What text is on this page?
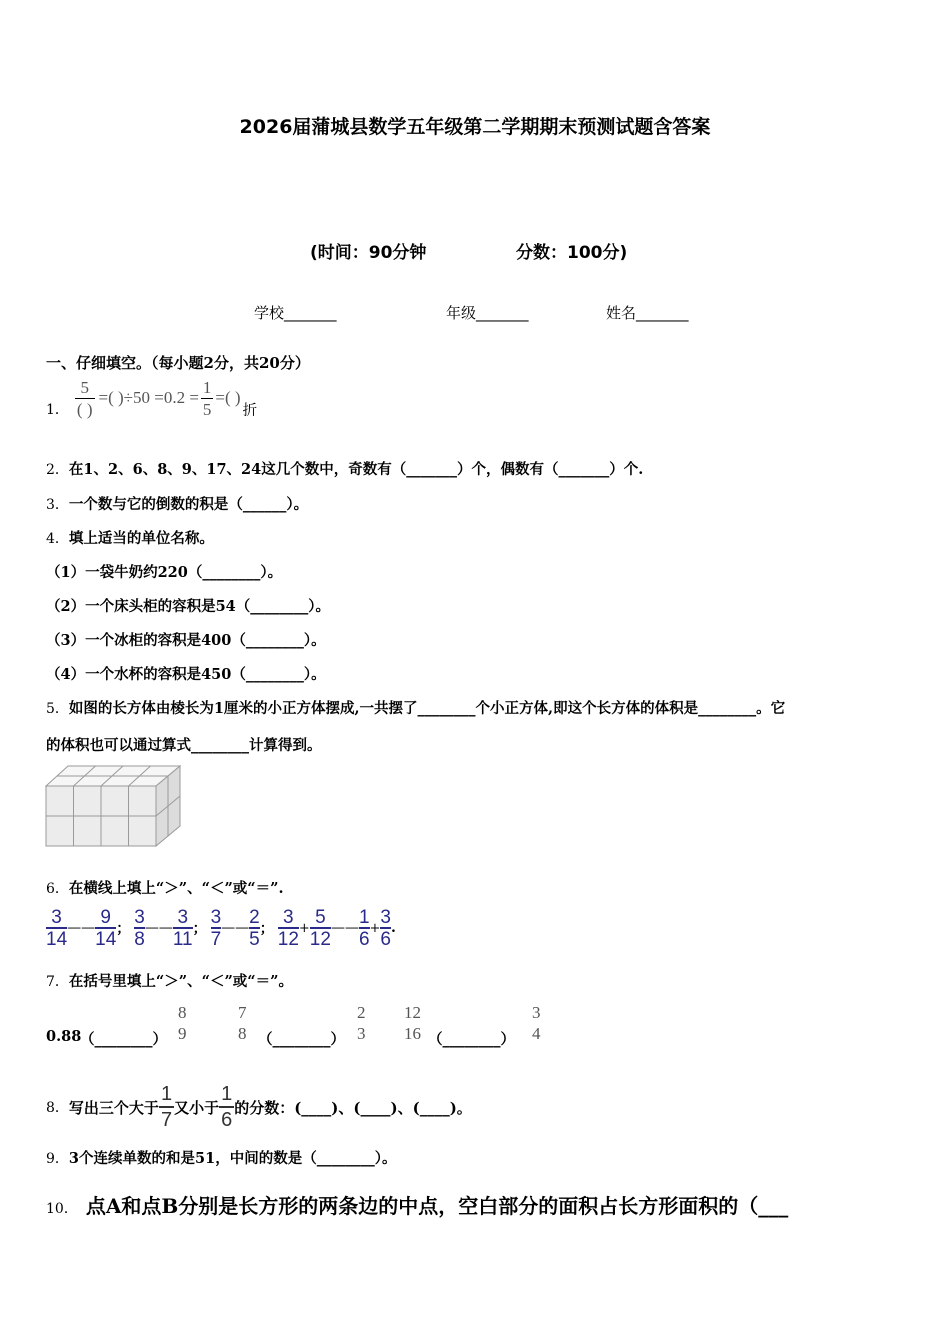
2026届蒲城县数学五年级第二学期期末预测试题含答案
(时间：90分钟	分数：100分)
学校_______	年级_______	姓名_______
一、仔细填空。（每小题2分，共20分）
1． $\frac{5}{( )}$ =( )$\div 50 =0.2 = \frac{1}{5}$ =( )
折
2．在1、2、6、8、9、17、24这几个数中，奇数有（_______）个，偶数有（_______）个.
3．一个数与它的倒数的积是（______）。
4．填上适当的单位名称。
（1）一袋牛奶约220（________）。
（2）一个床头柜的容积是54（________）。
（3）一个冰柜的容积是400（________）。
（4）一个水杯的容积是450（________）。
5．如图的长方体由棱长为1厘米的小正方体摆成,一共摆了________个小正方体,即这个长方体的体积是________。它
的体积也可以通过算式________计算得到。
6．在横线上填上“＞”、“＜”或“＝”.
3
14
——
9
14 ；
3
8
——
3
11 ；
3
7
——
2
5 ；
3
12
+ $\frac{5}{12}$ ——
1
6
+ $\frac{3}{6}$ .
7．在括号里填上“＞”、“＜”或“＝”。
0.88
（________）
8
9
7
8 （________）
2
3
12
16 （________）
3
4
8． 写出三个大于 $\frac{1}{7}$ 又小于 $\frac{1}{6}$ 的分数：(____)、(____)、(____)。
9．3个连续单数的和是51，中间的数是（________）。
10． 点A和点B分别是长方形的两条边的中点，空白部分的面积占长方形面积的（___
